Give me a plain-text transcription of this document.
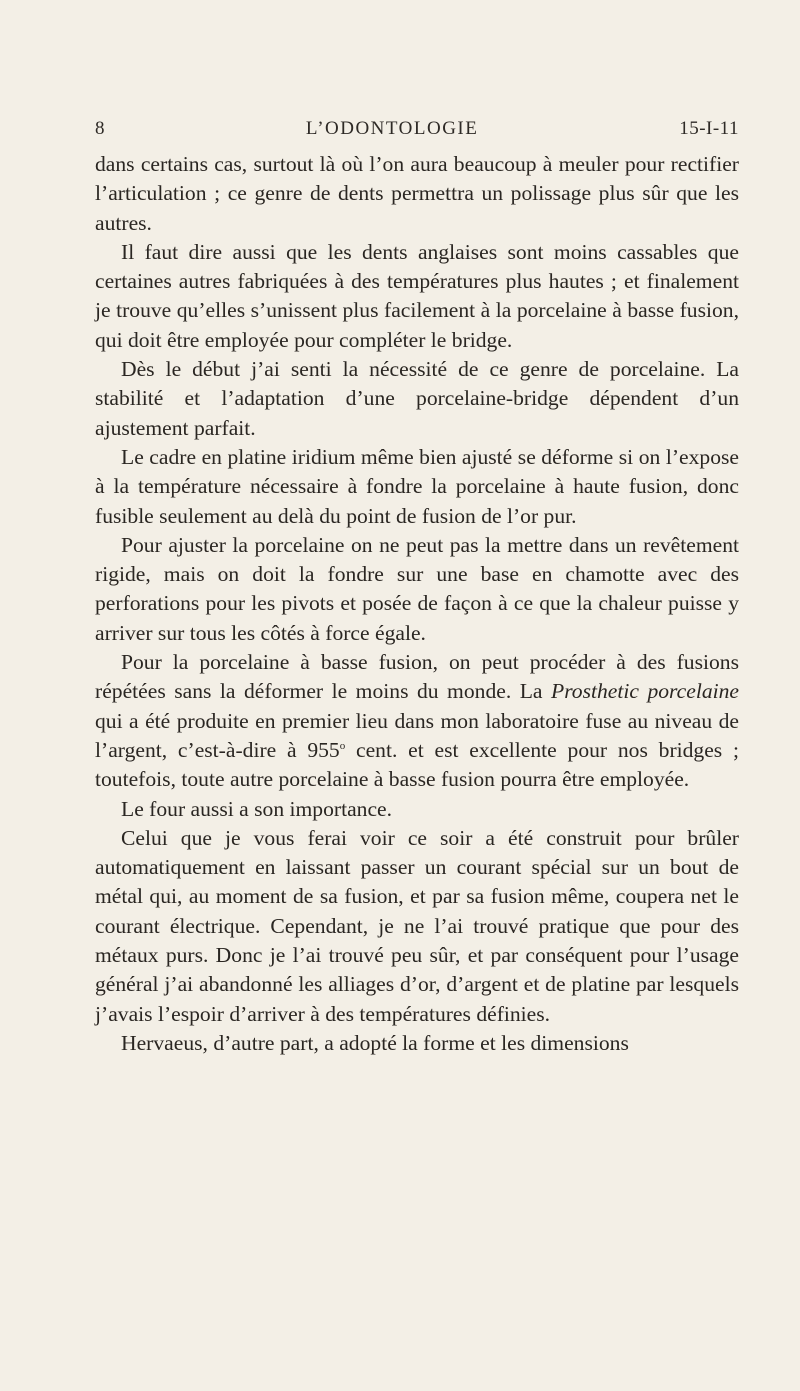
8	L’ODONTOLOGIE	15-I-11

dans certains cas, surtout là où l’on aura beaucoup à meuler pour rectifier l’articulation ; ce genre de dents permettra un polissage plus sûr que les autres.

Il faut dire aussi que les dents anglaises sont moins cassables que certaines autres fabriquées à des températures plus hautes ; et finalement je trouve qu’elles s’unissent plus facilement à la porcelaine à basse fusion, qui doit être employée pour compléter le bridge.

Dès le début j’ai senti la nécessité de ce genre de porcelaine. La stabilité et l’adaptation d’une porcelaine-bridge dépendent d’un ajustement parfait.

Le cadre en platine iridium même bien ajusté se déforme si on l’expose à la température nécessaire à fondre la porcelaine à haute fusion, donc fusible seulement au delà du point de fusion de l’or pur.

Pour ajuster la porcelaine on ne peut pas la mettre dans un revêtement rigide, mais on doit la fondre sur une base en chamotte avec des perforations pour les pivots et posée de façon à ce que la chaleur puisse y arriver sur tous les côtés à force égale.

Pour la porcelaine à basse fusion, on peut procéder à des fusions répétées sans la déformer le moins du monde. La Prosthetic porcelaine qui a été produite en premier lieu dans mon laboratoire fuse au niveau de l’argent, c’est-à-dire à 955$^o$ cent. et est excellente pour nos bridges ; toutefois, toute autre porcelaine à basse fusion pourra être employée.

Le four aussi a son importance.

Celui que je vous ferai voir ce soir a été construit pour brûler automatiquement en laissant passer un courant spécial sur un bout de métal qui, au moment de sa fusion, et par sa fusion même, coupera net le courant électrique. Cependant, je ne l’ai trouvé pratique que pour des métaux purs. Donc je l’ai trouvé peu sûr, et par conséquent pour l’usage général j’ai abandonné les alliages d’or, d’argent et de platine par lesquels j’avais l’espoir d’arriver à des températures définies.

Hervaeus, d’autre part, a adopté la forme et les dimensions
